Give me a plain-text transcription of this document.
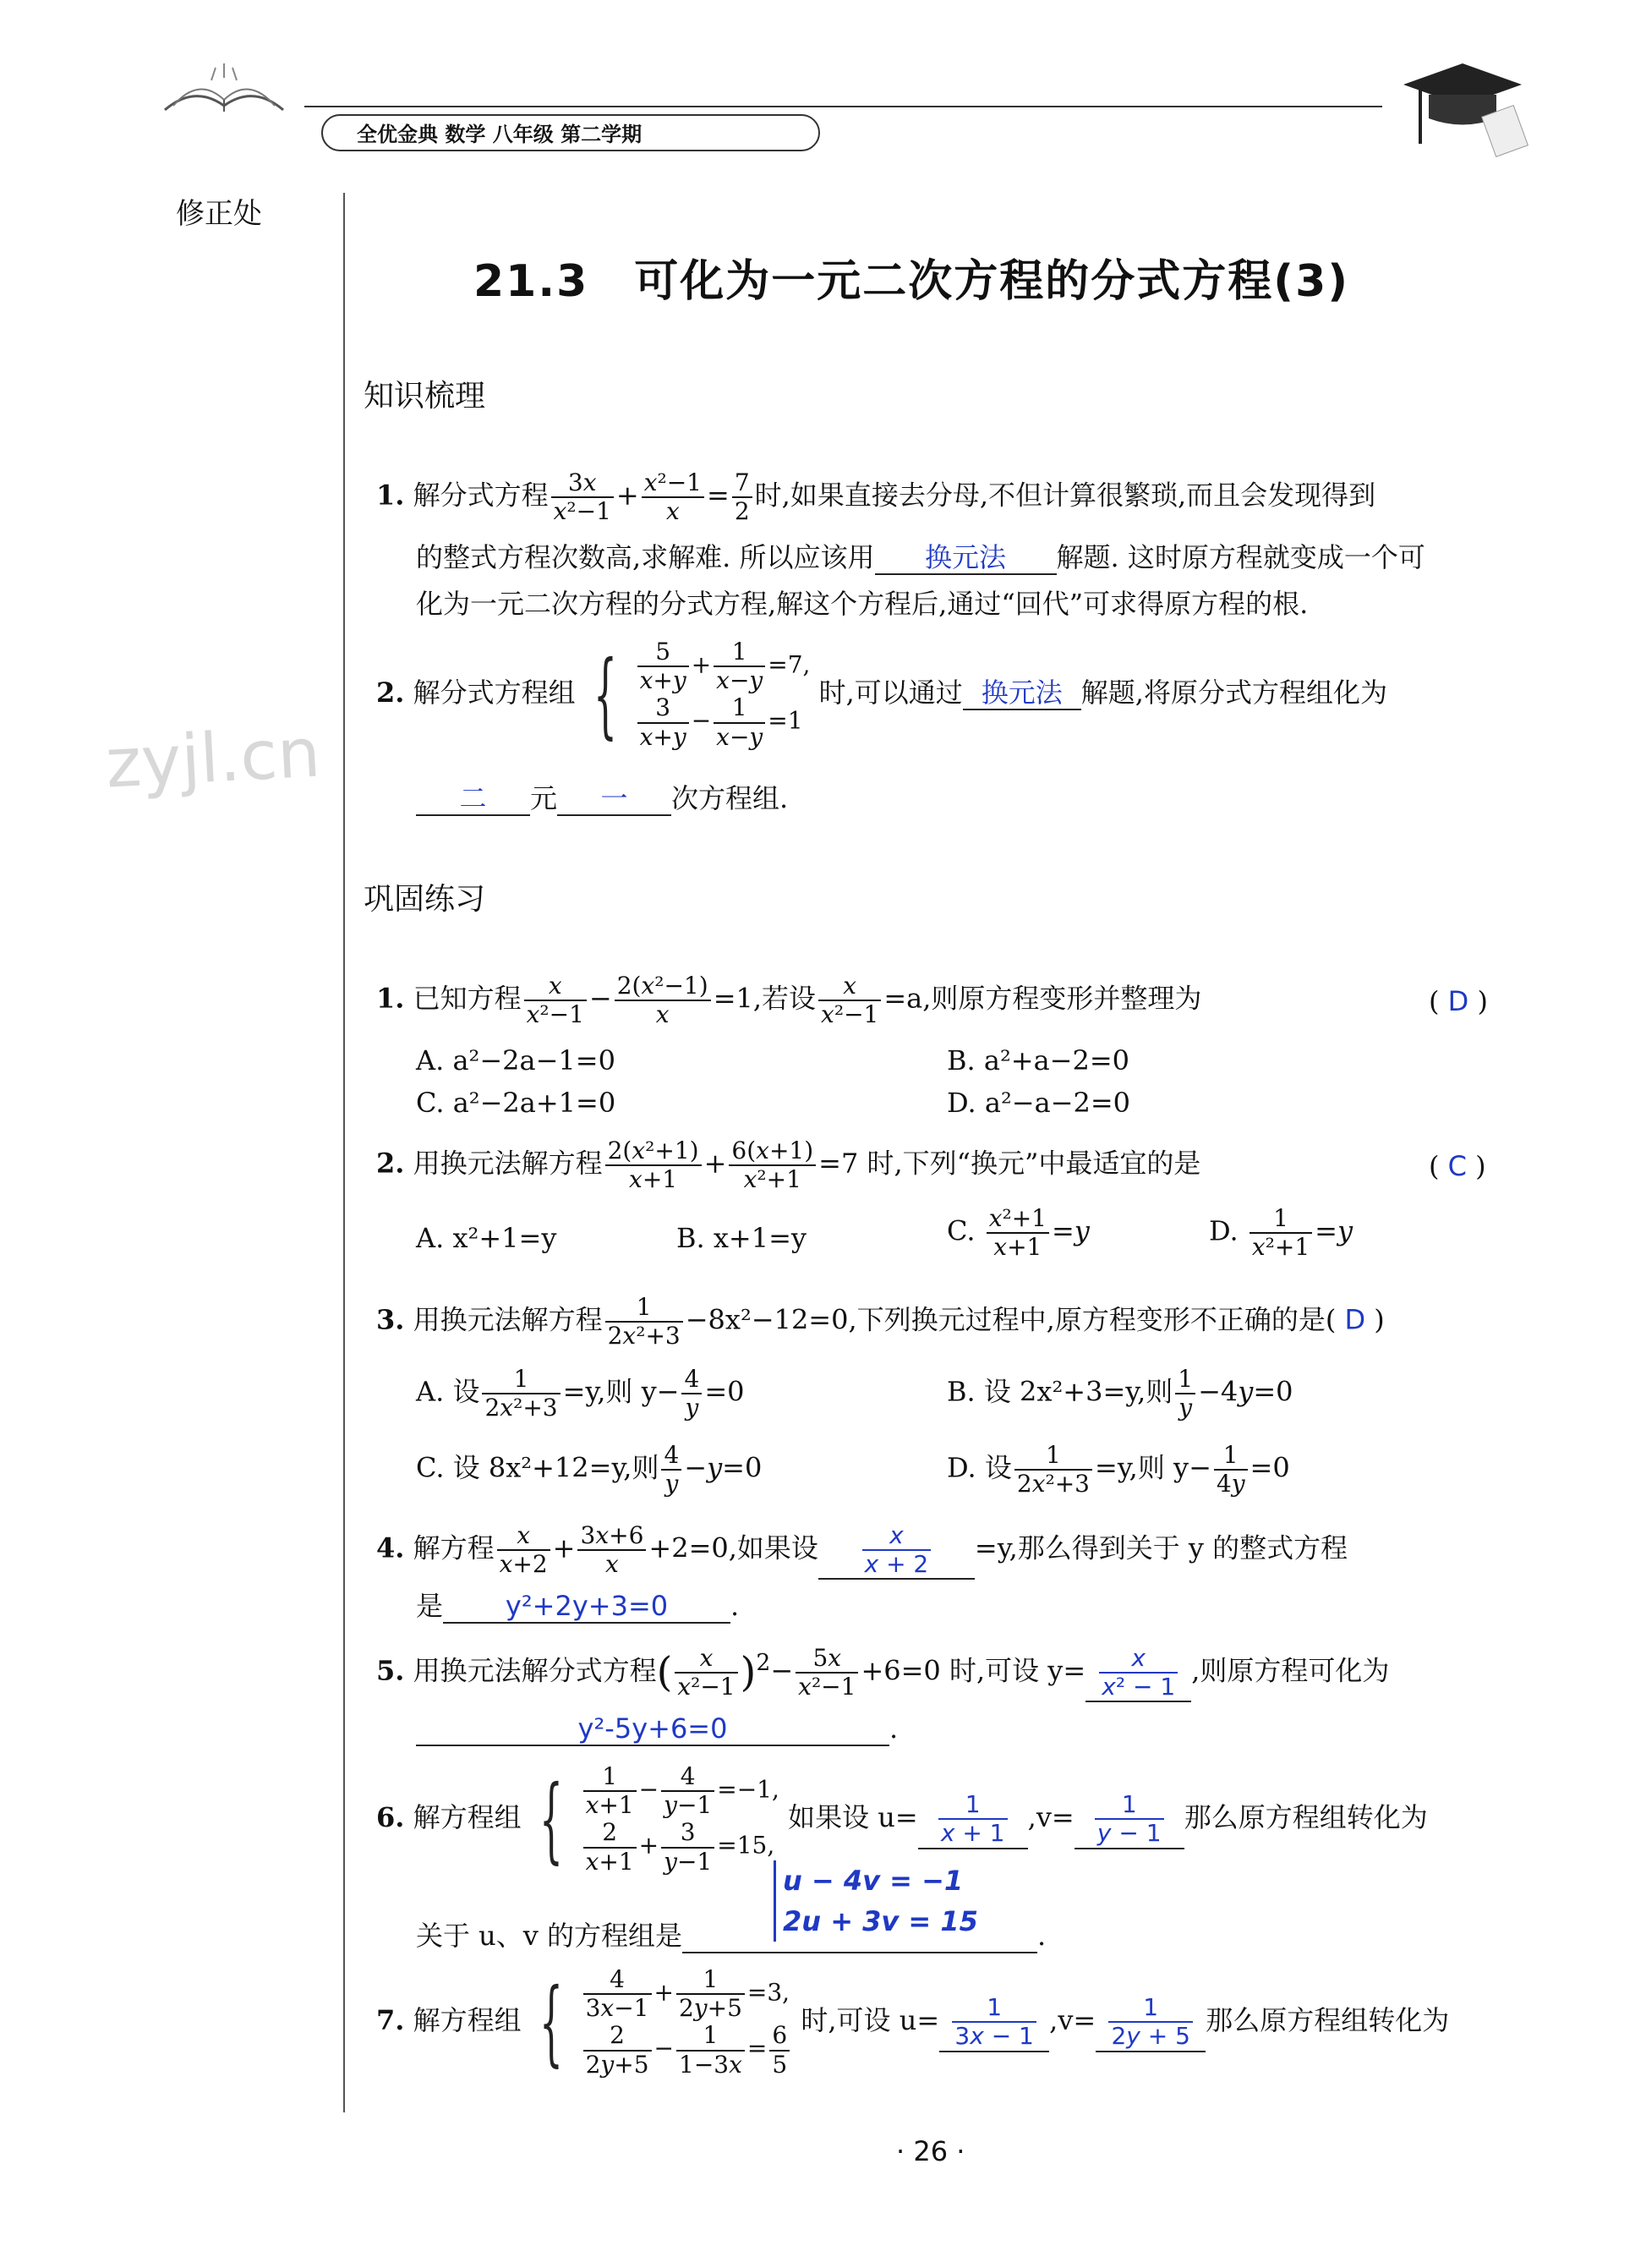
全优金典 数学 八年级 第二学期
修正处
zyjl.cn
21.3　可化为一元二次方程的分式方程(3)
知识梳理
1. 解分式方程 $\frac{3x}{\text{x²−1}} + \frac{\text{x²−1}}{x} = \frac{7}{2}$ 时,如果直接去分母,不但计算很繁琐,而且会发现得到
的整式方程次数高,求解难. 所以应该用 换元法 解题. 这时原方程就变成一个可
化为一元二次方程的分式方程,解这个方程后,通过“回代”可求得原方程的根.
2. 解分式方程组 { $\frac{5}{x+y} + \frac{1}{x-y} =7$,

$\frac{3}{x+y} - \frac{1}{x-y} =1$ 时,可以通过 换元法 解题,将原分式方程组化为
二 元 一 次方程组.
巩固练习
1. 已知方程 $\frac{x}{\text{x²−1}} - \frac{\text{2(x²−1)}}{x} =1$,若设 $\frac{x}{\text{x²−1}} =a$,则原方程变形并整理为	( D )
A. a²−2a−1=0	B. a²+a−2=0
C. a²−2a+1=0	D. a²−a−2=0
2. 用换元法解方程 $\frac{\text{2(x²+1)}}{x+1} + \frac{6(x+1)}{\text{x²+1}} =7$ 时,下列“换元”中最适宜的是	( C )
A. x²+1=y	B. x+1=y	C. $\frac{\text{x²+1}}{x+1} =y$	D. $\frac{1}{\text{x²+1}} =y$
3. 用换元法解方程 $\frac{1}{\text{2x²+3}} -8x^2-12=0$,下列换元过程中,原方程变形不正确的是( D )
A. 设 $\frac{1}{\text{2x²+3}} =y$,则 $y- \frac{4}{y} =0$	B. 设 2x²+3=y,则 $\frac{1}{y} -4y=0$
C. 设 8x²+12=y,则 $\frac{4}{y} -y=0$	D. 设 $\frac{1}{\text{2x²+3}} =y$,则 $y- \frac{1}{4y} =0$
4. 解方程 $\frac{x}{x+2} + \frac{3x+6}{x} +2=0$,如果设 $\frac{x}{x + 2} =y$,那么得到关于 y 的整式方程
是 y²+2y+3=0 .
5. 用换元法解分式方程( $\frac{x}{\text{x²−1}} )^2- \frac{5x}{\text{x²−1}} +6=0$ 时,可设 $y= \frac{x}{\text{x² − 1}}$ ,则原方程可化为
y²-5y+6=0	.
6. 解方程组 { $\frac{1}{x+1} - \frac{4}{y-1} =-1$,

$\frac{2}{x+1} + \frac{3}{y-1} =15$, 如果设 $u= \frac{1}{x + 1} ,v= \frac{1}{y - 1}$ 那么原方程组转化为
u − 4v = −1
2u + 3v = 15
关于 u、v 的方程组是	.
7. 解方程组 { $\frac{4}{3x-1} + \frac{1}{2y+5} =3$,

$\frac{2}{2y+5} - \frac{1}{1-3x} = \frac{6}{5}$
时,可设 $u= \frac{1}{3x - 1} ,v= \frac{1}{2y + 5}$ 那么原方程组转化为
· 26 ·
